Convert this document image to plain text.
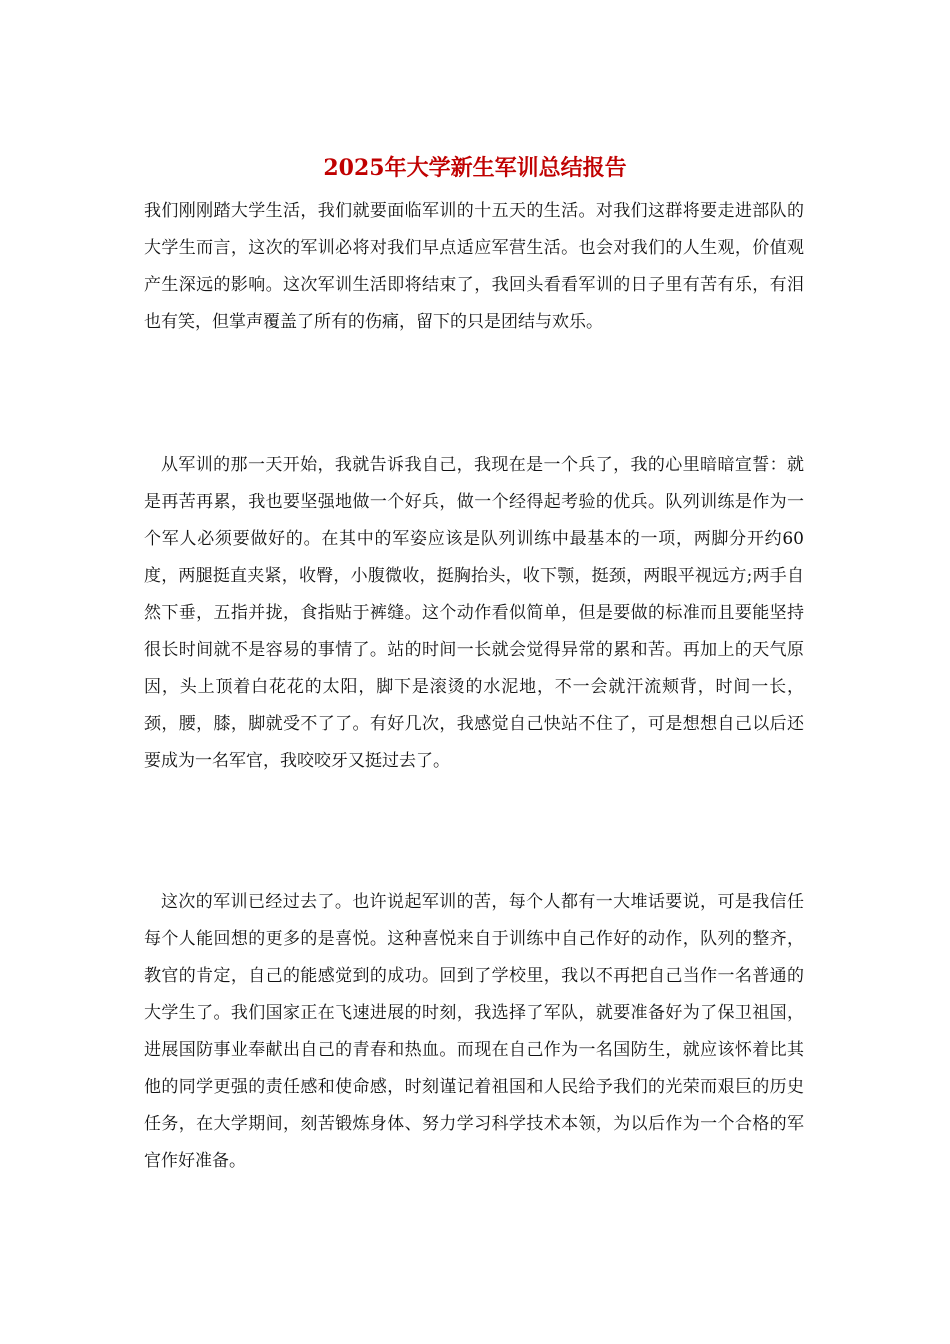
2025年大学新生军训总结报告

我们刚刚踏大学生活，我们就要面临军训的十五天的生活。对我们这群将要走进部队的大学生而言，这次的军训必将对我们早点适应军营生活。也会对我们的人生观，价值观产生深远的影响。这次军训生活即将结束了，我回头看看军训的日子里有苦有乐，有泪也有笑，但掌声覆盖了所有的伤痛，留下的只是团结与欢乐。

从军训的那一天开始，我就告诉我自己，我现在是一个兵了，我的心里暗暗宣誓：就是再苦再累，我也要坚强地做一个好兵，做一个经得起考验的优兵。队列训练是作为一个军人必须要做好的。在其中的军姿应该是队列训练中最基本的一项，两脚分开约60度，两腿挺直夹紧，收臀，小腹微收，挺胸抬头，收下颚，挺颈，两眼平视远方;两手自然下垂，五指并拢，食指贴于裤缝。这个动作看似简单，但是要做的标准而且要能坚持很长时间就不是容易的事情了。站的时间一长就会觉得异常的累和苦。再加上的天气原因，头上顶着白花花的太阳，脚下是滚烫的水泥地，不一会就汗流颊背，时间一长，颈，腰，膝，脚就受不了了。有好几次，我感觉自己快站不住了，可是想想自己以后还要成为一名军官，我咬咬牙又挺过去了。

这次的军训已经过去了。也许说起军训的苦，每个人都有一大堆话要说，可是我信任每个人能回想的更多的是喜悦。这种喜悦来自于训练中自己作好的动作，队列的整齐，教官的肯定，自己的能感觉到的成功。回到了学校里，我以不再把自己当作一名普通的大学生了。我们国家正在飞速进展的时刻，我选择了军队，就要准备好为了保卫祖国，进展国防事业奉献出自己的青春和热血。而现在自己作为一名国防生，就应该怀着比其他的同学更强的责任感和使命感，时刻谨记着祖国和人民给予我们的光荣而艰巨的历史任务，在大学期间，刻苦锻炼身体、努力学习科学技术本领，为以后作为一个合格的军官作好准备。
